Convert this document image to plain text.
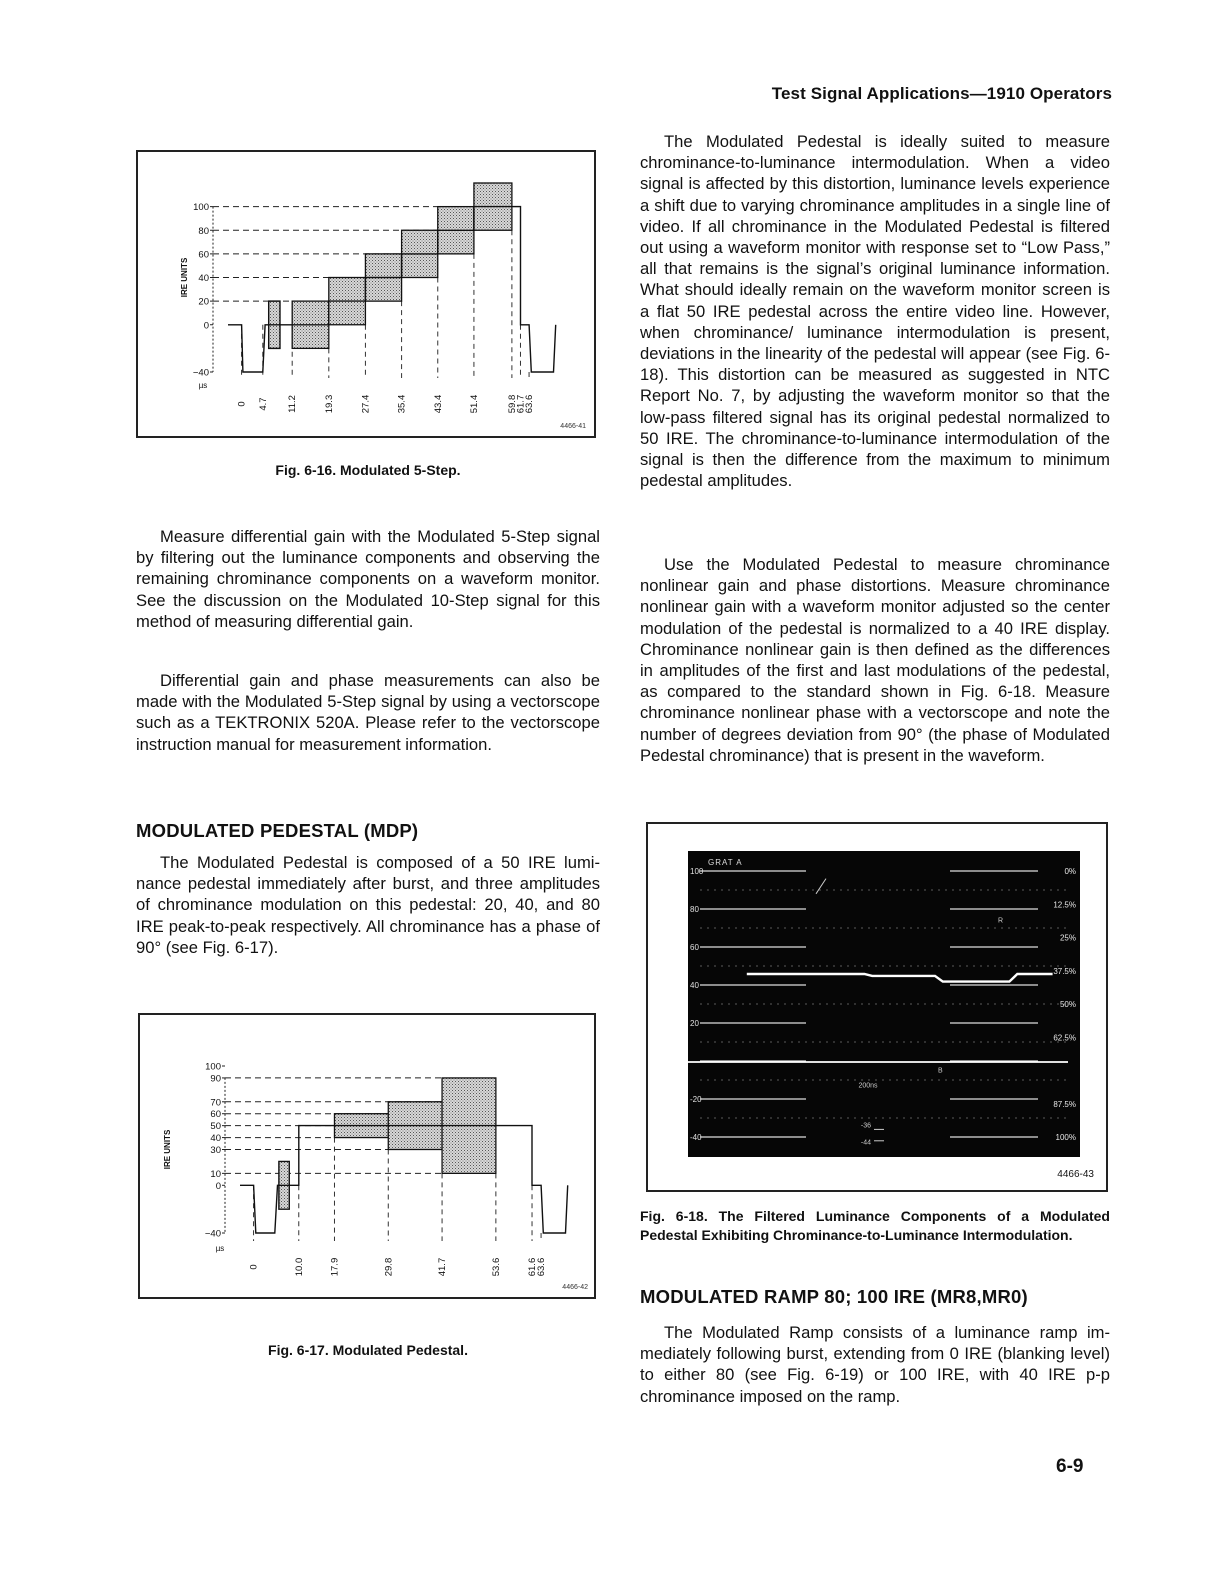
Test Signal Applications—1910 Operators
100
80
60
40
20
0
−40
IRE UNITS
0 4.7 11.2	19.3	27.4	35.4	43.4	51.4	59.8
61.7
63.6
µs
4466-41
Fig. 6-16. Modulated 5-Step.
Measure differential gain with the Modulated 5-Step signal by filtering out the luminance components and observing the remaining chrominance components on a waveform monitor. See the discussion on the Modulated 10-Step signal for this method of measuring differential gain.
Differential gain and phase measurements can also be made with the Modulated 5-Step signal by using a vectorscope such as a TEKTRONIX 520A. Please refer to the vectorscope instruction manual for measurement information.
MODULATED PEDESTAL (MDP)
The Modulated Pedestal is composed of a 50 IRE luminance pedestal immediately after burst, and three amplitudes of chrominance modulation on this pedestal: 20, 40, and 80 IRE peak-to-peak respectively. All chrominance has a phase of 90° (see Fig. 6-17).
100
90
70
60
50
40
30
10
0
−40
IRE UNITS
0	10.0	17.9	29.8	41.7	53.6	61.6
63.6
µs
4466-42
Fig. 6-17. Modulated Pedestal.
The Modulated Pedestal is ideally suited to measure chrominance-to-luminance intermodulation. When a video signal is affected by this distortion, luminance levels experience a shift due to varying chrominance amplitudes in a single line of video. If all chrominance in the Modulated Pedestal is filtered out using a waveform monitor with response set to “Low Pass,” all that remains is the signal’s original luminance information. What should ideally remain on the waveform monitor screen is a flat 50 IRE pedestal across the entire video line. However, when chrominance/ luminance intermodulation is present, deviations in the linearity of the pedestal will appear (see Fig. 6-18). This distortion can be measured as suggested in NTC Report No. 7, by adjusting the waveform monitor so that the low-pass filtered signal has its original pedestal normalized to 50 IRE. The chrominance-to-luminance intermodulation of the signal is then the difference from the maximum to minimum pedestal amplitudes.
Use the Modulated Pedestal to measure chrominance nonlinear gain and phase distortions. Measure chrominance nonlinear gain with a waveform monitor adjusted so the center modulation of the pedestal is normalized to a 40 IRE display. Chrominance nonlinear gain is then defined as the differences in amplitudes of the first and last modulations of the pedestal, as compared to the standard shown in Fig. 6-18. Measure chrominance nonlinear phase with a vectorscope and note the number of degrees deviation from 90° (the phase of Modulated Pedestal chrominance) that is present in the waveform.
100
80
60
40
20
-20
-40
0%
12.5%
25%
37.5%
50%
62.5%
87.5%
100%
GRAT A
200ns
-36
-44
B
R
4466-43
Fig. 6-18. The Filtered Luminance Components of a Modulated Pedestal Exhibiting Chrominance-to-Luminance Intermodulation.
MODULATED RAMP 80; 100 IRE (MR8,MR0)
The Modulated Ramp consists of a luminance ramp immediately following burst, extending from 0 IRE (blanking level) to either 80 (see Fig. 6-19) or 100 IRE, with 40 IRE p-p chrominance imposed on the ramp.
6-9
